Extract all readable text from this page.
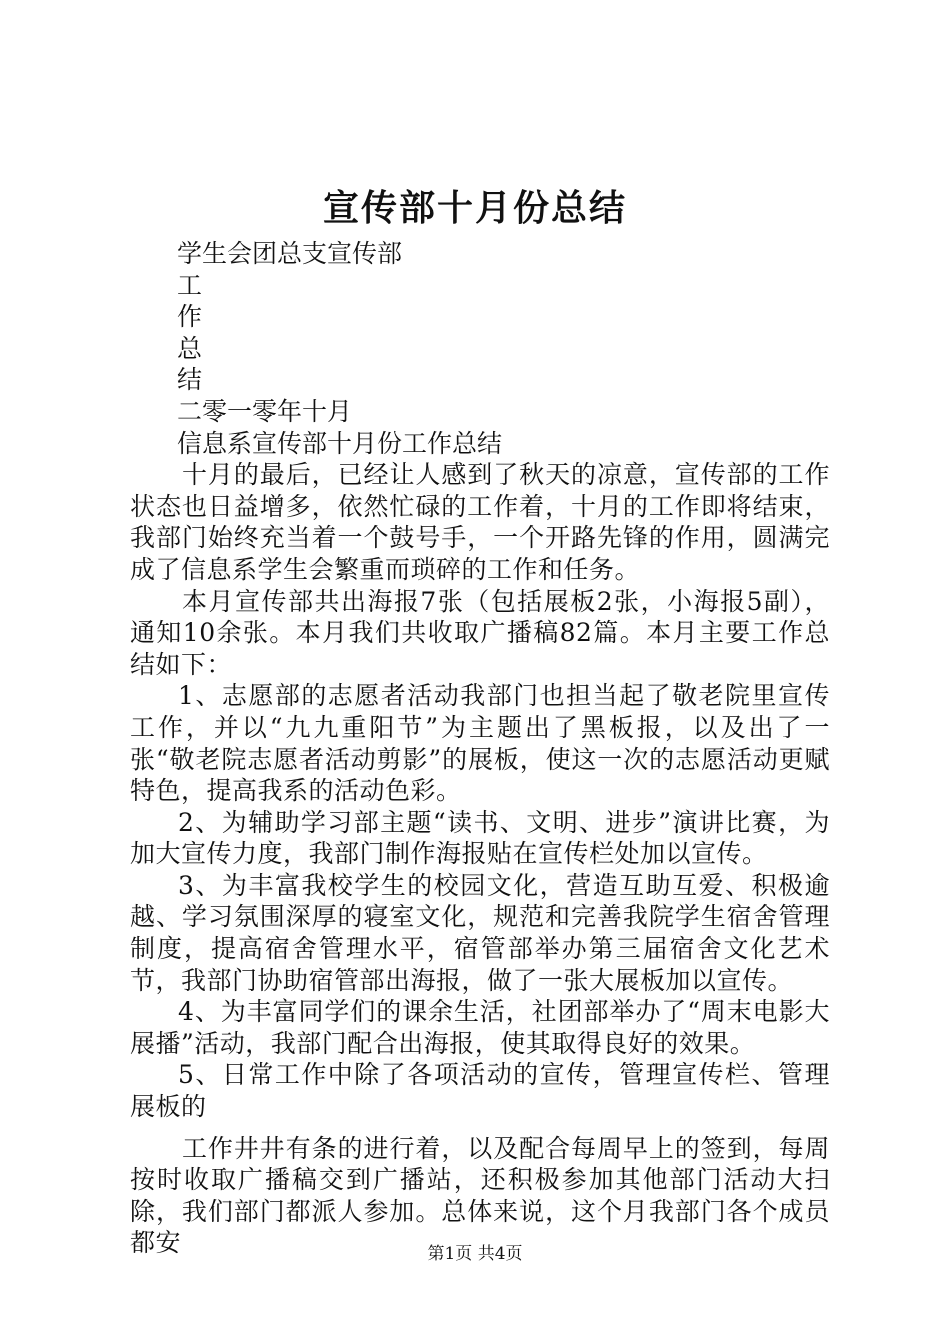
宣传部十月份总结
学生会团总支宣传部
工
作
总
结
二零一零年十月
信息系宣传部十月份工作总结
十月的最后，已经让人感到了秋天的凉意，宣传部的工作状态也日益增多，依然忙碌的工作着，十月的工作即将结束，我部门始终充当着一个鼓号手，一个开路先锋的作用，圆满完成了信息系学生会繁重而琐碎的工作和任务。
本月宣传部共出海报7张（包括展板2张，小海报5副），通知10余张。本月我们共收取广播稿82篇。本月主要工作总结如下：
1、志愿部的志愿者活动我部门也担当起了敬老院里宣传工作，并以“九九重阳节”为主题出了黑板报，以及出了一张“敬老院志愿者活动剪影”的展板，使这一次的志愿活动更赋特色，提高我系的活动色彩。
2、为辅助学习部主题“读书、文明、进步”演讲比赛，为加大宣传力度，我部门制作海报贴在宣传栏处加以宣传。
3、为丰富我校学生的校园文化，营造互助互爱、积极逾越、学习氛围深厚的寝室文化，规范和完善我院学生宿舍管理制度，提高宿舍管理水平，宿管部举办第三届宿舍文化艺术节，我部门协助宿管部出海报，做了一张大展板加以宣传。
4、为丰富同学们的课余生活，社团部举办了“周末电影大展播”活动，我部门配合出海报，使其取得良好的效果。
5、日常工作中除了各项活动的宣传，管理宣传栏、管理展板的
工作井井有条的进行着，以及配合每周早上的签到，每周按时收取广播稿交到广播站，还积极参加其他部门活动大扫除，我们部门都派人参加。总体来说，这个月我部门各个成员都安	第1页 共4页
